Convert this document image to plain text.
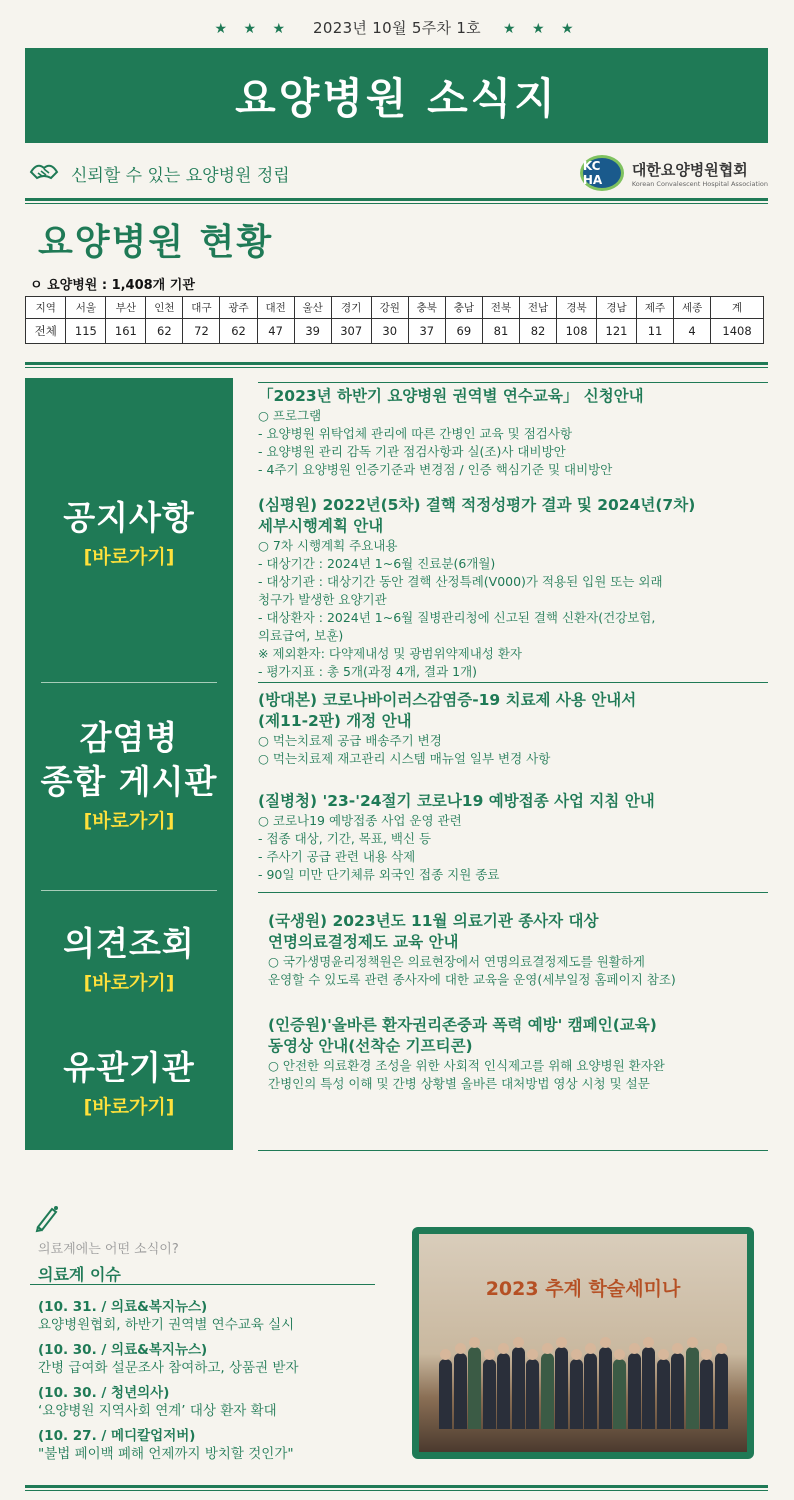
★ ★ ★ 2023년 10월 5주차 1호 ★ ★ ★
요양병원 소식지
신뢰할 수 있는 요양병원 정립	KC HA
대한요양병원협회
Korean Convalescent Hospital Association
요양병원 현황
ㅇ 요양병원 : 1,408개 기관
지역	서울	부산	인천	대구	광주	대전	울산	경기	강원	충북	충남	전북	전남	경북	경남	제주	세종	계
전체	115	161	62	72	62	47	39	307	30	37	69	81	82	108	121	11	4	1408
공지사항
[바로가기]
감염병
종합 게시판
[바로가기]
의견조회
[바로가기]
유관기관
[바로가기]
「2023년 하반기 요양병원 권역별 연수교육」 신청안내
○ 프로그램
- 요양병원 위탁업체 관리에 따른 간병인 교육 및 점검사항
- 요양병원 관리 감독 기관 점검사항과 실(조)사 대비방안
- 4주기 요양병원 인증기준과 변경점 / 인증 핵심기준 및 대비방안
(심평원) 2022년(5차) 결핵 적정성평가 결과 및 2024년(7차)
세부시행계획 안내
○ 7차 시행계획 주요내용
- 대상기간 : 2024년 1~6월 진료분(6개월)
- 대상기관 : 대상기간 동안 결핵 산정특례(V000)가 적용된 입원 또는 외래
청구가 발생한 요양기관
- 대상환자 : 2024년 1~6월 질병관리청에 신고된 결핵 신환자(건강보험,
의료급여, 보훈)
※ 제외환자: 다약제내성 및 광범위약제내성 환자
- 평가지표 : 총 5개(과정 4개, 결과 1개)
(방대본) 코로나바이러스감염증-19 치료제 사용 안내서
(제11-2판) 개정 안내
○ 먹는치료제 공급 배송주기 변경
○ 먹는치료제 재고관리 시스템 매뉴얼 일부 변경 사항
(질병청) '23-'24절기 코로나19 예방접종 사업 지침 안내
○ 코로나19 예방접종 사업 운영 관련
- 접종 대상, 기간, 목표, 백신 등
- 주사기 공급 관련 내용 삭제
- 90일 미만 단기체류 외국인 접종 지원 종료
(국생원) 2023년도 11월 의료기관 종사자 대상
연명의료결정제도 교육 안내
○ 국가생명윤리정책원은 의료현장에서 연명의료결정제도를 원활하게
운영할 수 있도록 관련 종사자에 대한 교육을 운영(세부일정 홈페이지 참조)
(인증원)'올바른 환자권리존중과 폭력 예방' 캠페인(교육)
동영상 안내(선착순 기프티콘)
○ 안전한 의료환경 조성을 위한 사회적 인식제고를 위해 요양병원 환자완
간병인의 특성 이해 및 간병 상황별 올바른 대처방법 영상 시청 및 설문
의료계에는 어떤 소식이?
의료계 이슈
(10. 31. / 의료&복지뉴스)
요양병원협회, 하반기 권역별 연수교육 실시
(10. 30. / 의료&복지뉴스)
간병 급여화 설문조사 참여하고, 상품권 받자
(10. 30. / 청년의사)
‘요양병원 지역사회 연계’ 대상 환자 확대
(10. 27. / 메디칼업저버)
"불법 페이백 폐해 언제까지 방치할 것인가"
2023 추계 학술세미나
